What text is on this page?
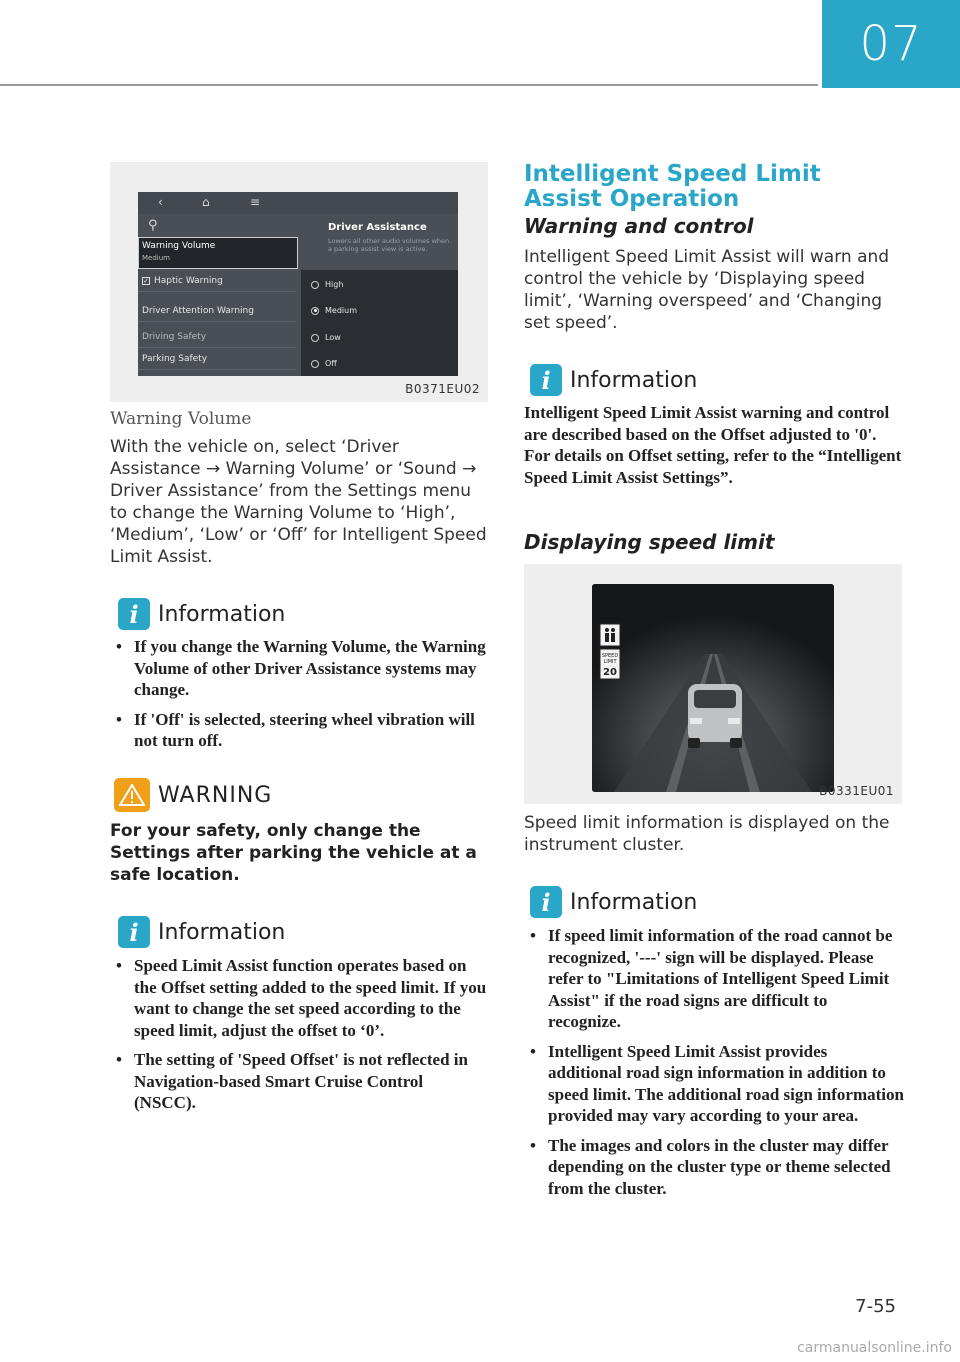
07
‹	⌂	≡
⚲
Warning Volume
Medium
✓ Haptic Warning
Driver Attention Warning
Driving Safety
Parking Safety
Driver Assistance
Lowers all other audio volumes when a parking assist view is active.
High
Medium
Low
Off
B0371EU02
Warning Volume
With the vehicle on, select ‘Driver Assistance → Warning Volume’ or ‘Sound → Driver Assistance’ from the Settings menu to change the Warning Volume to ‘High’, ‘Medium’, ‘Low’ or ‘Off’ for Intelligent Speed Limit Assist.
i Information
• If you change the Warning Volume, the Warning Volume of other Driver Assistance systems may change.
• If 'Off' is selected, steering wheel vibration will not turn off.
WARNING
For your safety, only change the Settings after parking the vehicle at a safe location.
i Information
• Speed Limit Assist function operates based on the Offset setting added to the speed limit. If you want to change the set speed according to the speed limit, adjust the offset to ‘0’.
• The setting of 'Speed Offset' is not reflected in Navigation-based Smart Cruise Control (NSCC).
Intelligent Speed Limit Assist Operation
Warning and control
Intelligent Speed Limit Assist will warn and control the vehicle by ‘Displaying speed limit’, ‘Warning overspeed’ and ‘Changing set speed’.
i Information
Intelligent Speed Limit Assist warning and control are described based on the Offset adjusted to '0'. For details on Offset setting, refer to the “Intelligent Speed Limit Assist Settings”.
Displaying speed limit
SPEED
LIMIT
20
B0331EU01
Speed limit information is displayed on the instrument cluster.
i Information
• If speed limit information of the road cannot be recognized, '---' sign will be displayed. Please refer to "Limitations of Intelligent Speed Limit Assist" if the road signs are difficult to recognize.
• Intelligent Speed Limit Assist provides additional road sign information in addition to speed limit. The additional road sign information provided may vary according to your area.
• The images and colors in the cluster may differ depending on the cluster type or theme selected from the cluster.
7-55
carmanualsonline.info
